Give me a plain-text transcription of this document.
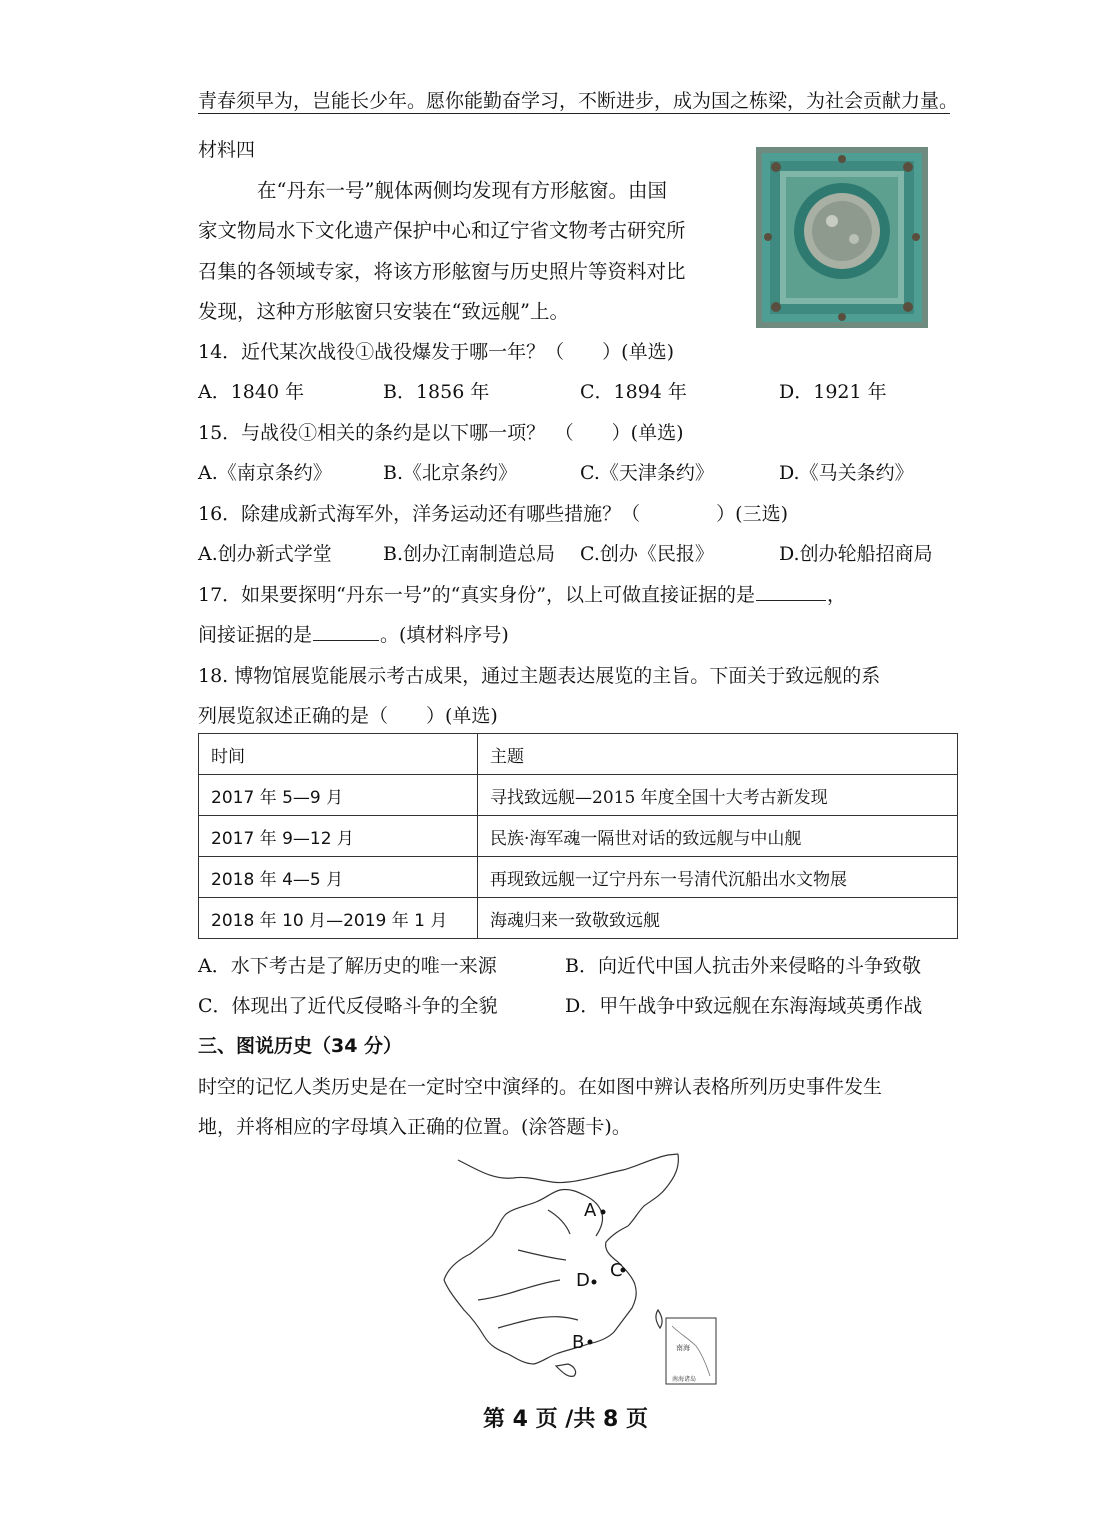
青春须早为，岂能长少年。愿你能勤奋学习，不断进步，成为国之栋梁，为社会贡献力量。
材料四
在“丹东一号”舰体两侧均发现有方形舷窗。由国
家文物局水下文化遗产保护中心和辽宁省文物考古研究所
召集的各领域专家，将该方形舷窗与历史照片等资料对比
发现，这种方形舷窗只安装在“致远舰”上。
14．近代某次战役①战役爆发于哪一年？（　　）(单选)
A．1840 年	B．1856 年	C．1894 年	D．1921 年
15．与战役①相关的条约是以下哪一项？　（　　）(单选)
A.《南京条约》	B.《北京条约》	C.《天津条约》	D.《马关条约》
16．除建成新式海军外，洋务运动还有哪些措施？（　　　　）(三选)
A.创办新式学堂	B.创办江南制造总局 C.创办《民报》	D.创办轮船招商局
17．如果要探明“丹东一号”的“真实身份”，以上可做直接证据的是	，
间接证据的是	。(填材料序号)
18. 博物馆展览能展示考古成果，通过主题表达展览的主旨。下面关于致远舰的系
列展览叙述正确的是（　　）(单选)
时间	主题
2017 年 5—9 月	寻找致远舰—2015 年度全国十大考古新发现
2017 年 9—12 月	民族·海军魂一隔世对话的致远舰与中山舰
2018 年 4—5 月	再现致远舰一辽宁丹东一号清代沉船出水文物展
2018 年 10 月—2019 年 1 月	海魂归来一致敬致远舰
A．水下考古是了解历史的唯一来源	B．向近代中国人抗击外来侵略的斗争致敬
C．体现出了近代反侵略斗争的全貌	D．甲午战争中致远舰在东海海域英勇作战
三、图说历史（34 分）
时空的记忆人类历史是在一定时空中演绎的。在如图中辨认表格所列历史事件发生
地，并将相应的字母填入正确的位置。(涂答题卡)。
南海
南海诸岛
A
C
D
B
第 4 页 /共 8 页
